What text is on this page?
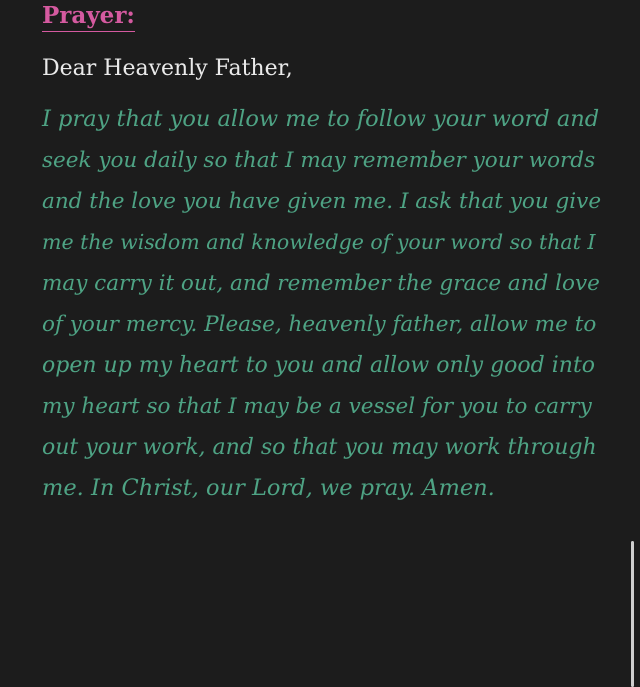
Prayer:
Dear Heavenly Father,
I pray that you allow me to follow your word and
seek you daily so that I may remember your words
and the love you have given me. I ask that you give
me the wisdom and knowledge of your word so that I
may carry it out, and remember the grace and love
of your mercy. Please, heavenly father, allow me to
open up my heart to you and allow only good into
my heart so that I may be a vessel for you to carry
out your work, and so that you may work through
me. In Christ, our Lord, we pray. Amen.
